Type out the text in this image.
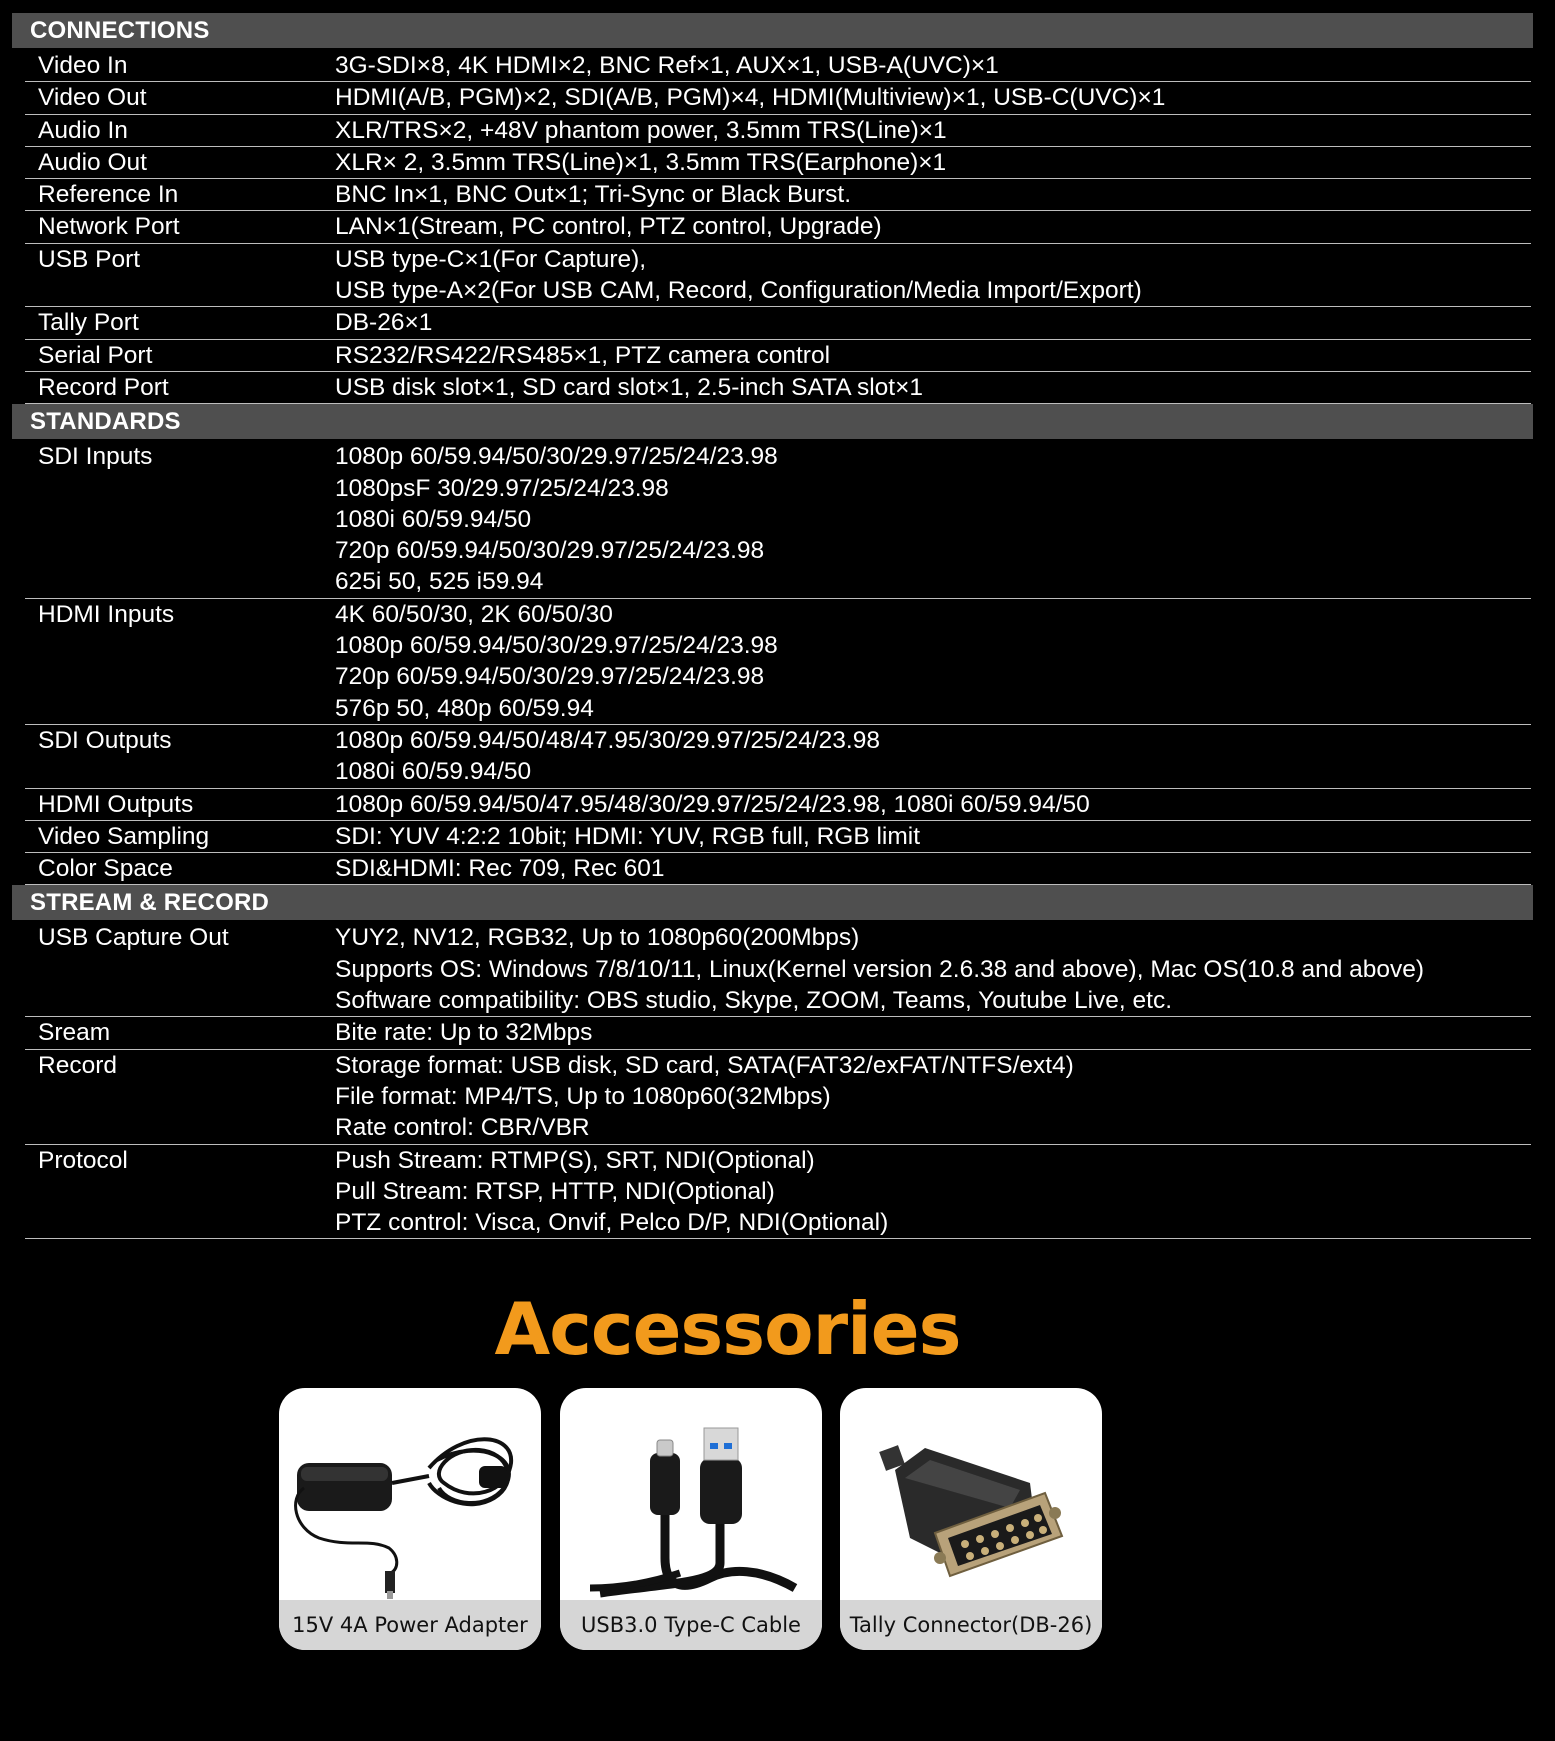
CONNECTIONS
Video In	3G-SDI×8, 4K HDMI×2, BNC Ref×1, AUX×1, USB-A(UVC)×1
Video Out	HDMI(A/B, PGM)×2, SDI(A/B, PGM)×4, HDMI(Multiview)×1, USB-C(UVC)×1
Audio In	XLR/TRS×2, +48V phantom power, 3.5mm TRS(Line)×1
Audio Out	XLR× 2, 3.5mm TRS(Line)×1, 3.5mm TRS(Earphone)×1
Reference In	BNC In×1, BNC Out×1; Tri-Sync or Black Burst.
Network Port	LAN×1(Stream, PC control, PTZ control, Upgrade)
USB Port	USB type-C×1(For Capture),
USB type-A×2(For USB CAM, Record, Configuration/Media Import/Export)
Tally Port	DB-26×1
Serial Port	RS232/RS422/RS485×1, PTZ camera control
Record Port	USB disk slot×1, SD card slot×1, 2.5-inch SATA slot×1
STANDARDS
SDI Inputs	1080p 60/59.94/50/30/29.97/25/24/23.98
1080psF 30/29.97/25/24/23.98
1080i 60/59.94/50
720p 60/59.94/50/30/29.97/25/24/23.98
625i 50, 525 i59.94
HDMI Inputs	4K 60/50/30, 2K 60/50/30
1080p 60/59.94/50/30/29.97/25/24/23.98
720p 60/59.94/50/30/29.97/25/24/23.98
576p 50, 480p 60/59.94
SDI Outputs	1080p 60/59.94/50/48/47.95/30/29.97/25/24/23.98
1080i 60/59.94/50
HDMI Outputs	1080p 60/59.94/50/47.95/48/30/29.97/25/24/23.98, 1080i 60/59.94/50
Video Sampling	SDI: YUV 4:2:2 10bit; HDMI: YUV, RGB full, RGB limit
Color Space	SDI&HDMI: Rec 709, Rec 601
STREAM & RECORD
USB Capture Out	YUY2, NV12, RGB32, Up to 1080p60(200Mbps)
Supports OS: Windows 7/8/10/11, Linux(Kernel version 2.6.38 and above), Mac OS(10.8 and above)
Software compatibility: OBS studio, Skype, ZOOM, Teams, Youtube Live, etc.
Sream	Bite rate: Up to 32Mbps
Record	Storage format: USB disk, SD card, SATA(FAT32/exFAT/NTFS/ext4)
File format: MP4/TS, Up to 1080p60(32Mbps)
Rate control: CBR/VBR
Protocol	Push Stream: RTMP(S), SRT, NDI(Optional)
Pull Stream: RTSP, HTTP, NDI(Optional)
PTZ control: Visca, Onvif, Pelco D/P, NDI(Optional)
Accessories
15V 4A Power Adapter	USB3.0 Type-C Cable	Tally Connector(DB-26)
